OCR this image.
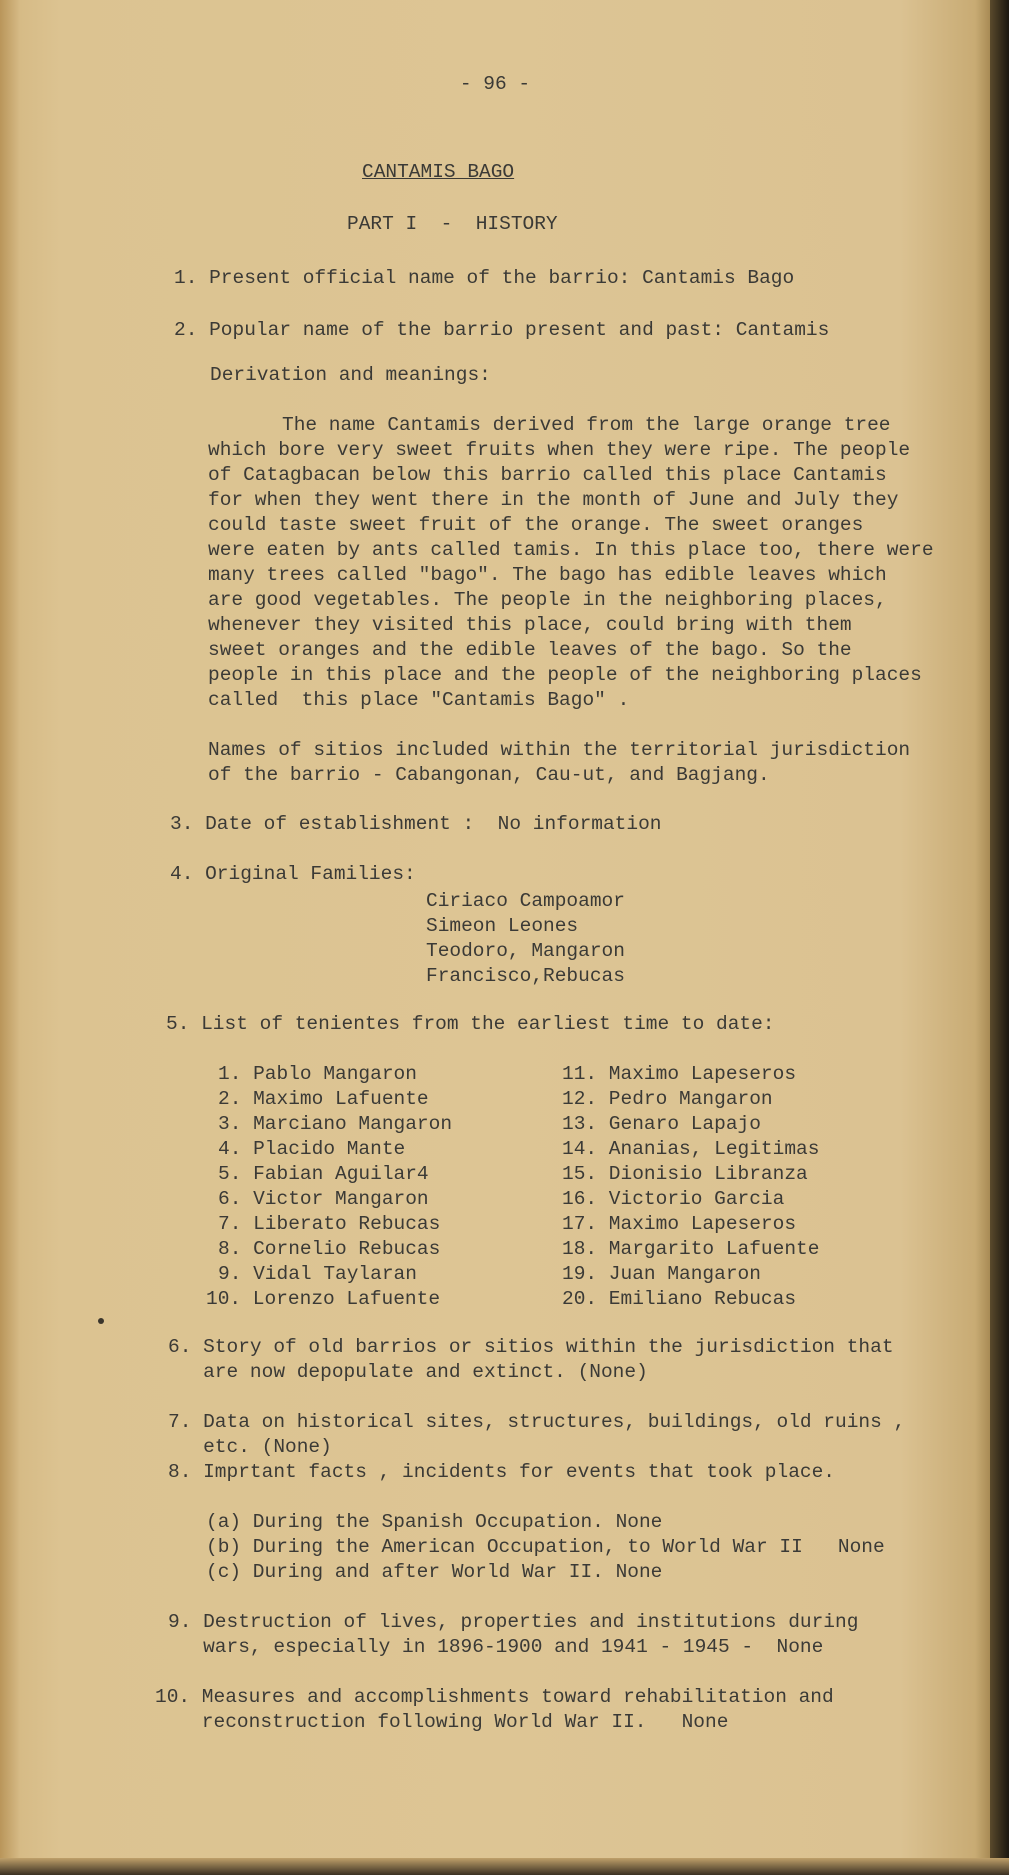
- 96 -
CANTAMIS BAGO
PART I  -  HISTORY
1. Present official name of the barrio: Cantamis Bago
2. Popular name of the barrio present and past: Cantamis
Derivation and meanings:
The name Cantamis derived from the large orange tree
which bore very sweet fruits when they were ripe. The people
of Catagbacan below this barrio called this place Cantamis
for when they went there in the month of June and July they
could taste sweet fruit of the orange. The sweet oranges
were eaten by ants called tamis. In this place too, there were
many trees called "bago". The bago has edible leaves which
are good vegetables. The people in the neighboring places,
whenever they visited this place, could bring with them
sweet oranges and the edible leaves of the bago. So the
people in this place and the people of the neighboring places
called  this place "Cantamis Bago" .
Names of sitios included within the territorial jurisdiction
of the barrio - Cabangonan, Cau-ut, and Bagjang.
3. Date of establishment :  No information
4. Original Families:
Ciriaco Campoamor
Simeon Leones
Teodoro, Mangaron
Francisco,Rebucas
5. List of tenientes from the earliest time to date:
1. Pablo Mangaron
2. Maximo Lafuente
3. Marciano Mangaron
4. Placido Mante
5. Fabian Aguilar4
6. Victor Mangaron
7. Liberato Rebucas
8. Cornelio Rebucas
9. Vidal Taylaran
10. Lorenzo Lafuente
11. Maximo Lapeseros
12. Pedro Mangaron
13. Genaro Lapajo
14. Ananias, Legitimas
15. Dionisio Libranza
16. Victorio Garcia
17. Maximo Lapeseros
18. Margarito Lafuente
19. Juan Mangaron
20. Emiliano Rebucas
6. Story of old barrios or sitios within the jurisdiction that
are now depopulate and extinct. (None)
7. Data on historical sites, structures, buildings, old ruins ,
etc. (None)
8. Imprtant facts , incidents for events that took place.
(a) During the Spanish Occupation. None
(b) During the American Occupation, to World War II   None
(c) During and after World War II. None
9. Destruction of lives, properties and institutions during
wars, especially in 1896-1900 and 1941 - 1945 -  None
10. Measures and accomplishments toward rehabilitation and
reconstruction following World War II.   None
